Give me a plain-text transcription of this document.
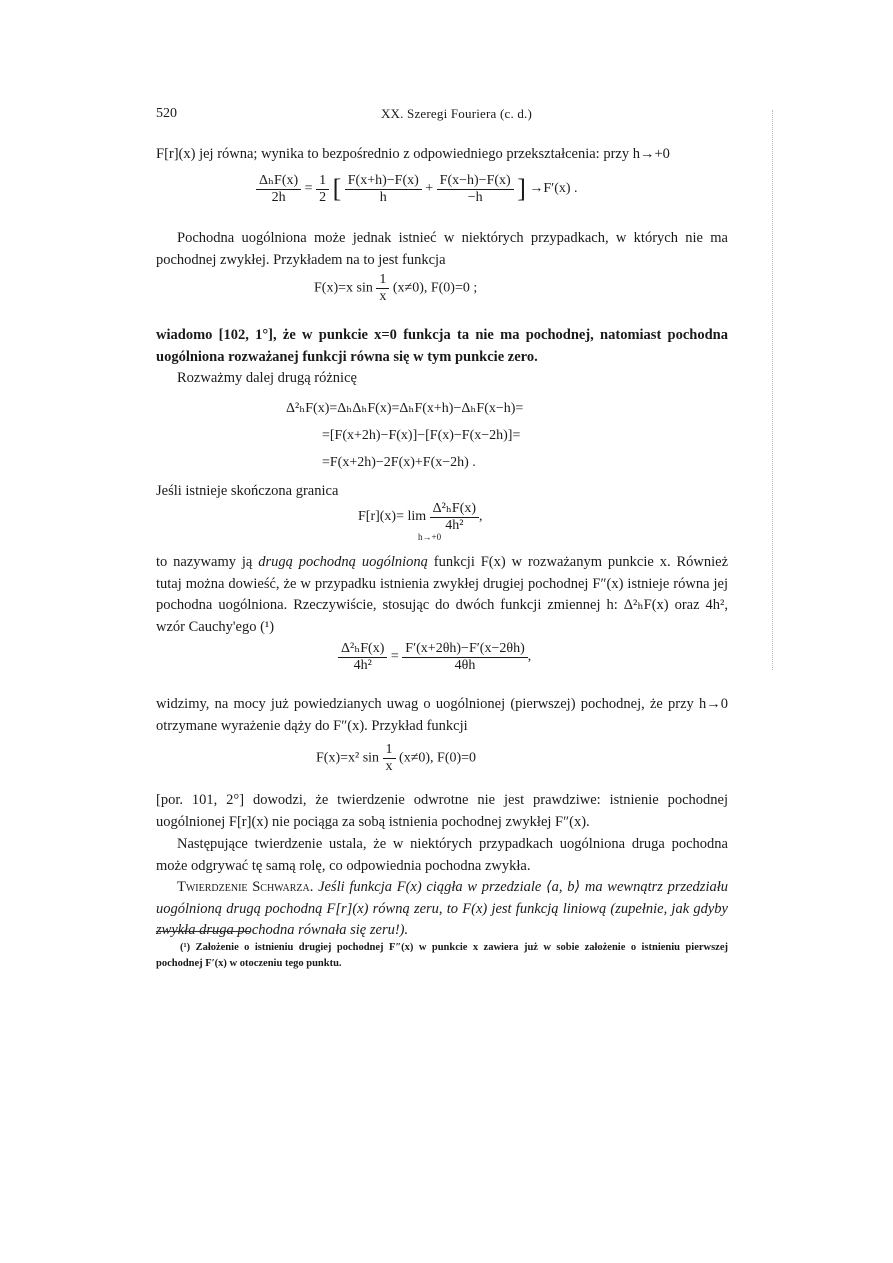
520	XX. Szeregi Fouriera (c. d.)
F[r](x) jej równa; wynika to bezpośrednio z odpowiedniego przekształcenia: przy h→+0
$\frac{\text{ΔₕF(x)}}{2h} = \frac{1}{2}$ [ $\frac{F(x+h)-F(x)}{h} + \frac{F(x-h)-F(x)}{-h}$ ] →F′(x) .
Pochodna uogólniona może jednak istnieć w niektórych przypadkach, w których nie ma pochodnej zwykłej. Przykładem na to jest funkcja
F(x)=x $\sin \frac{1}{x} (x\ne 0)$, F(0)=0 ;
wiadomo [102, 1°], że w punkcie x=0 funkcja ta nie ma pochodnej, natomiast pochodna uogólniona rozważanej funkcji równa się w tym punkcie zero.
Rozważmy dalej drugą różnicę
Δ²ₕF(x)=ΔₕΔₕF(x)=ΔₕF(x+h)−ΔₕF(x−h)=
=[F(x+2h)−F(x)]−[F(x)−F(x−2h)]=
=F(x+2h)−2F(x)+F(x−2h) .
Jeśli istnieje skończona granica
$F[r](x)= \lim \frac{\text{Δ²ₕF(x)}}{\text{4h²}}$ ,
h→+0
to nazywamy ją drugą pochodną uogólnioną funkcji F(x) w rozważanym punkcie x. Również tutaj można dowieść, że w przypadku istnienia zwykłej drugiej pochodnej F″(x) istnieje równa jej pochodna uogólniona. Rzeczywiście, stosując do dwóch funkcji zmiennej h: Δ²ₕF(x) oraz 4h², wzór Cauchy'ego (¹)
$\frac{\text{Δ²ₕF(x)}}{\text{4h²}} = \frac{F'(x+2\theta h)-F'(x-2\theta h)}{4\theta h}$ ,
widzimy, na mocy już powiedzianych uwag o uogólnionej (pierwszej) pochodnej, że przy h→0 otrzymane wyrażenie dąży do F″(x). Przykład funkcji
F(x)=x² $\sin \frac{1}{x} (x\ne 0)$, F(0)=0
[por. 101, 2°] dowodzi, że twierdzenie odwrotne nie jest prawdziwe: istnienie pochodnej uogólnionej F[r](x) nie pociąga za sobą istnienia pochodnej zwykłej F″(x).
Następujące twierdzenie ustala, że w niektórych przypadkach uogólniona druga pochodna może odgrywać tę samą rolę, co odpowiednia pochodna zwykła.
Twierdzenie Schwarza. Jeśli funkcja F(x) ciągła w przedziale ⟨a, b⟩ ma wewnątrz przedziału uogólnioną drugą pochodną F[r](x) równą zeru, to F(x) jest funkcją liniową (zupełnie, jak gdyby zwykła druga pochodna równała się zeru!).
(¹) Założenie o istnieniu drugiej pochodnej F″(x) w punkcie x zawiera już w sobie założenie o istnieniu pierwszej pochodnej F′(x) w otoczeniu tego punktu.
